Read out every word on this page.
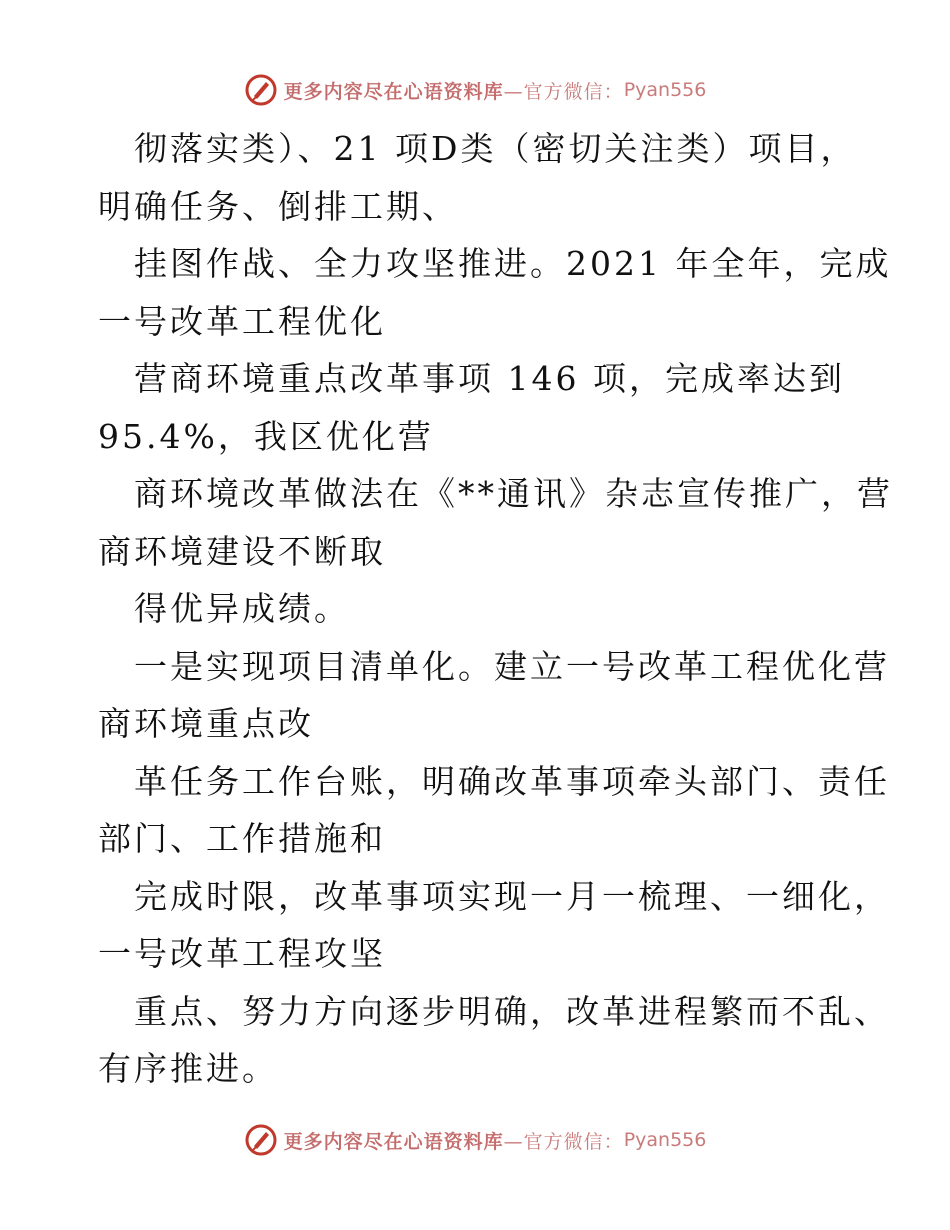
更多内容尽在心语资料库 —官方微信： Pyan556
彻落实类）、21 项D类（密切关注类）项目，
明确任务、倒排工期、
挂图作战、全力攻坚推进。2021 年全年，完成
一号改革工程优化
营商环境重点改革事项 146 项，完成率达到
95.4%，我区优化营
商环境改革做法在《**通讯》杂志宣传推广，营
商环境建设不断取
得优异成绩。
一是实现项目清单化。建立一号改革工程优化营
商环境重点改
革任务工作台账，明确改革事项牵头部门、责任
部门、工作措施和
完成时限，改革事项实现一月一梳理、一细化，
一号改革工程攻坚
重点、努力方向逐步明确，改革进程繁而不乱、
有序推进。
更多内容尽在心语资料库 —官方微信： Pyan556
